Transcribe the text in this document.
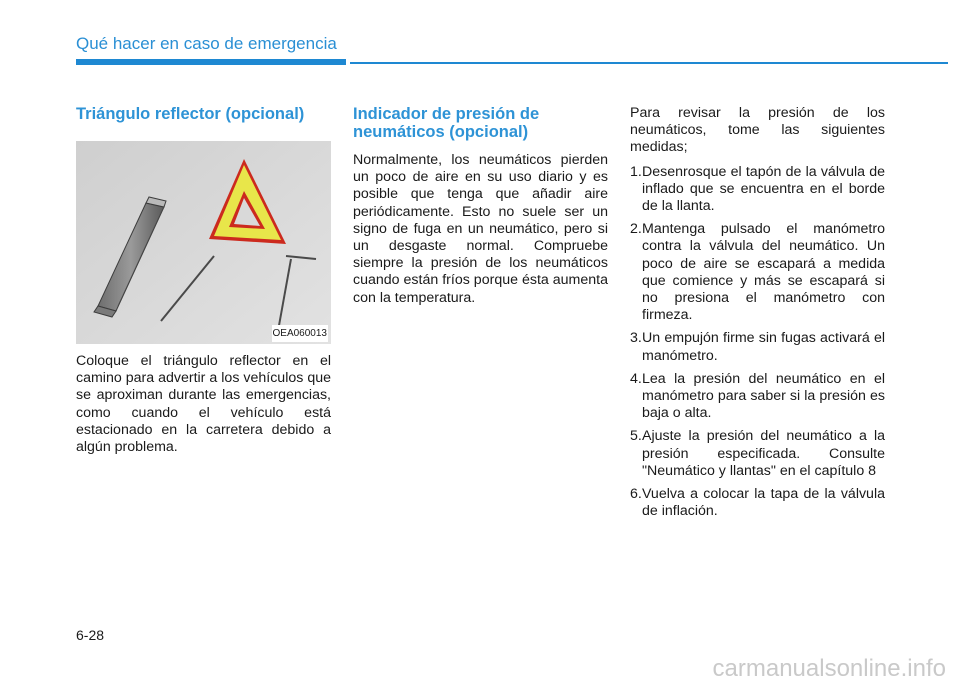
Qué hacer en caso de emergencia
Triángulo reflector (opcional)
OEA060013

Coloque el triángulo reflector en el camino para advertir a los vehículos que se aproximan durante las emergencias, como cuando el vehículo está estacionado en la carretera debido a algún problema.

Indicador de presión de neumáticos (opcional)

Normalmente, los neumáticos pierden un poco de aire en su uso diario y es posible que tenga que añadir aire periódicamente. Esto no suele ser un signo de fuga en un neumático, pero si un desgaste normal. Compruebe siempre la presión de los neumáticos cuando están fríos porque ésta aumenta con la temperatura.

Para revisar la presión de los neumáticos, tome las siguientes medidas;

1. Desenrosque el tapón de la válvula de inflado que se encuentra en el borde de la llanta.
2. Mantenga pulsado el manómetro contra la válvula del neumático. Un poco de aire se escapará a medida que comience y más se escapará si no presiona el manómetro con firmeza.
3. Un empujón firme sin fugas activará el manómetro.
4. Lea la presión del neumático en el manómetro para saber si la presión es baja o alta.
5. Ajuste la presión del neumático a la presión especificada. Consulte "Neumático y llantas" en el capítulo 8
6. Vuelva a colocar la tapa de la válvula de inflación.
6-28
carmanualsonline.info
